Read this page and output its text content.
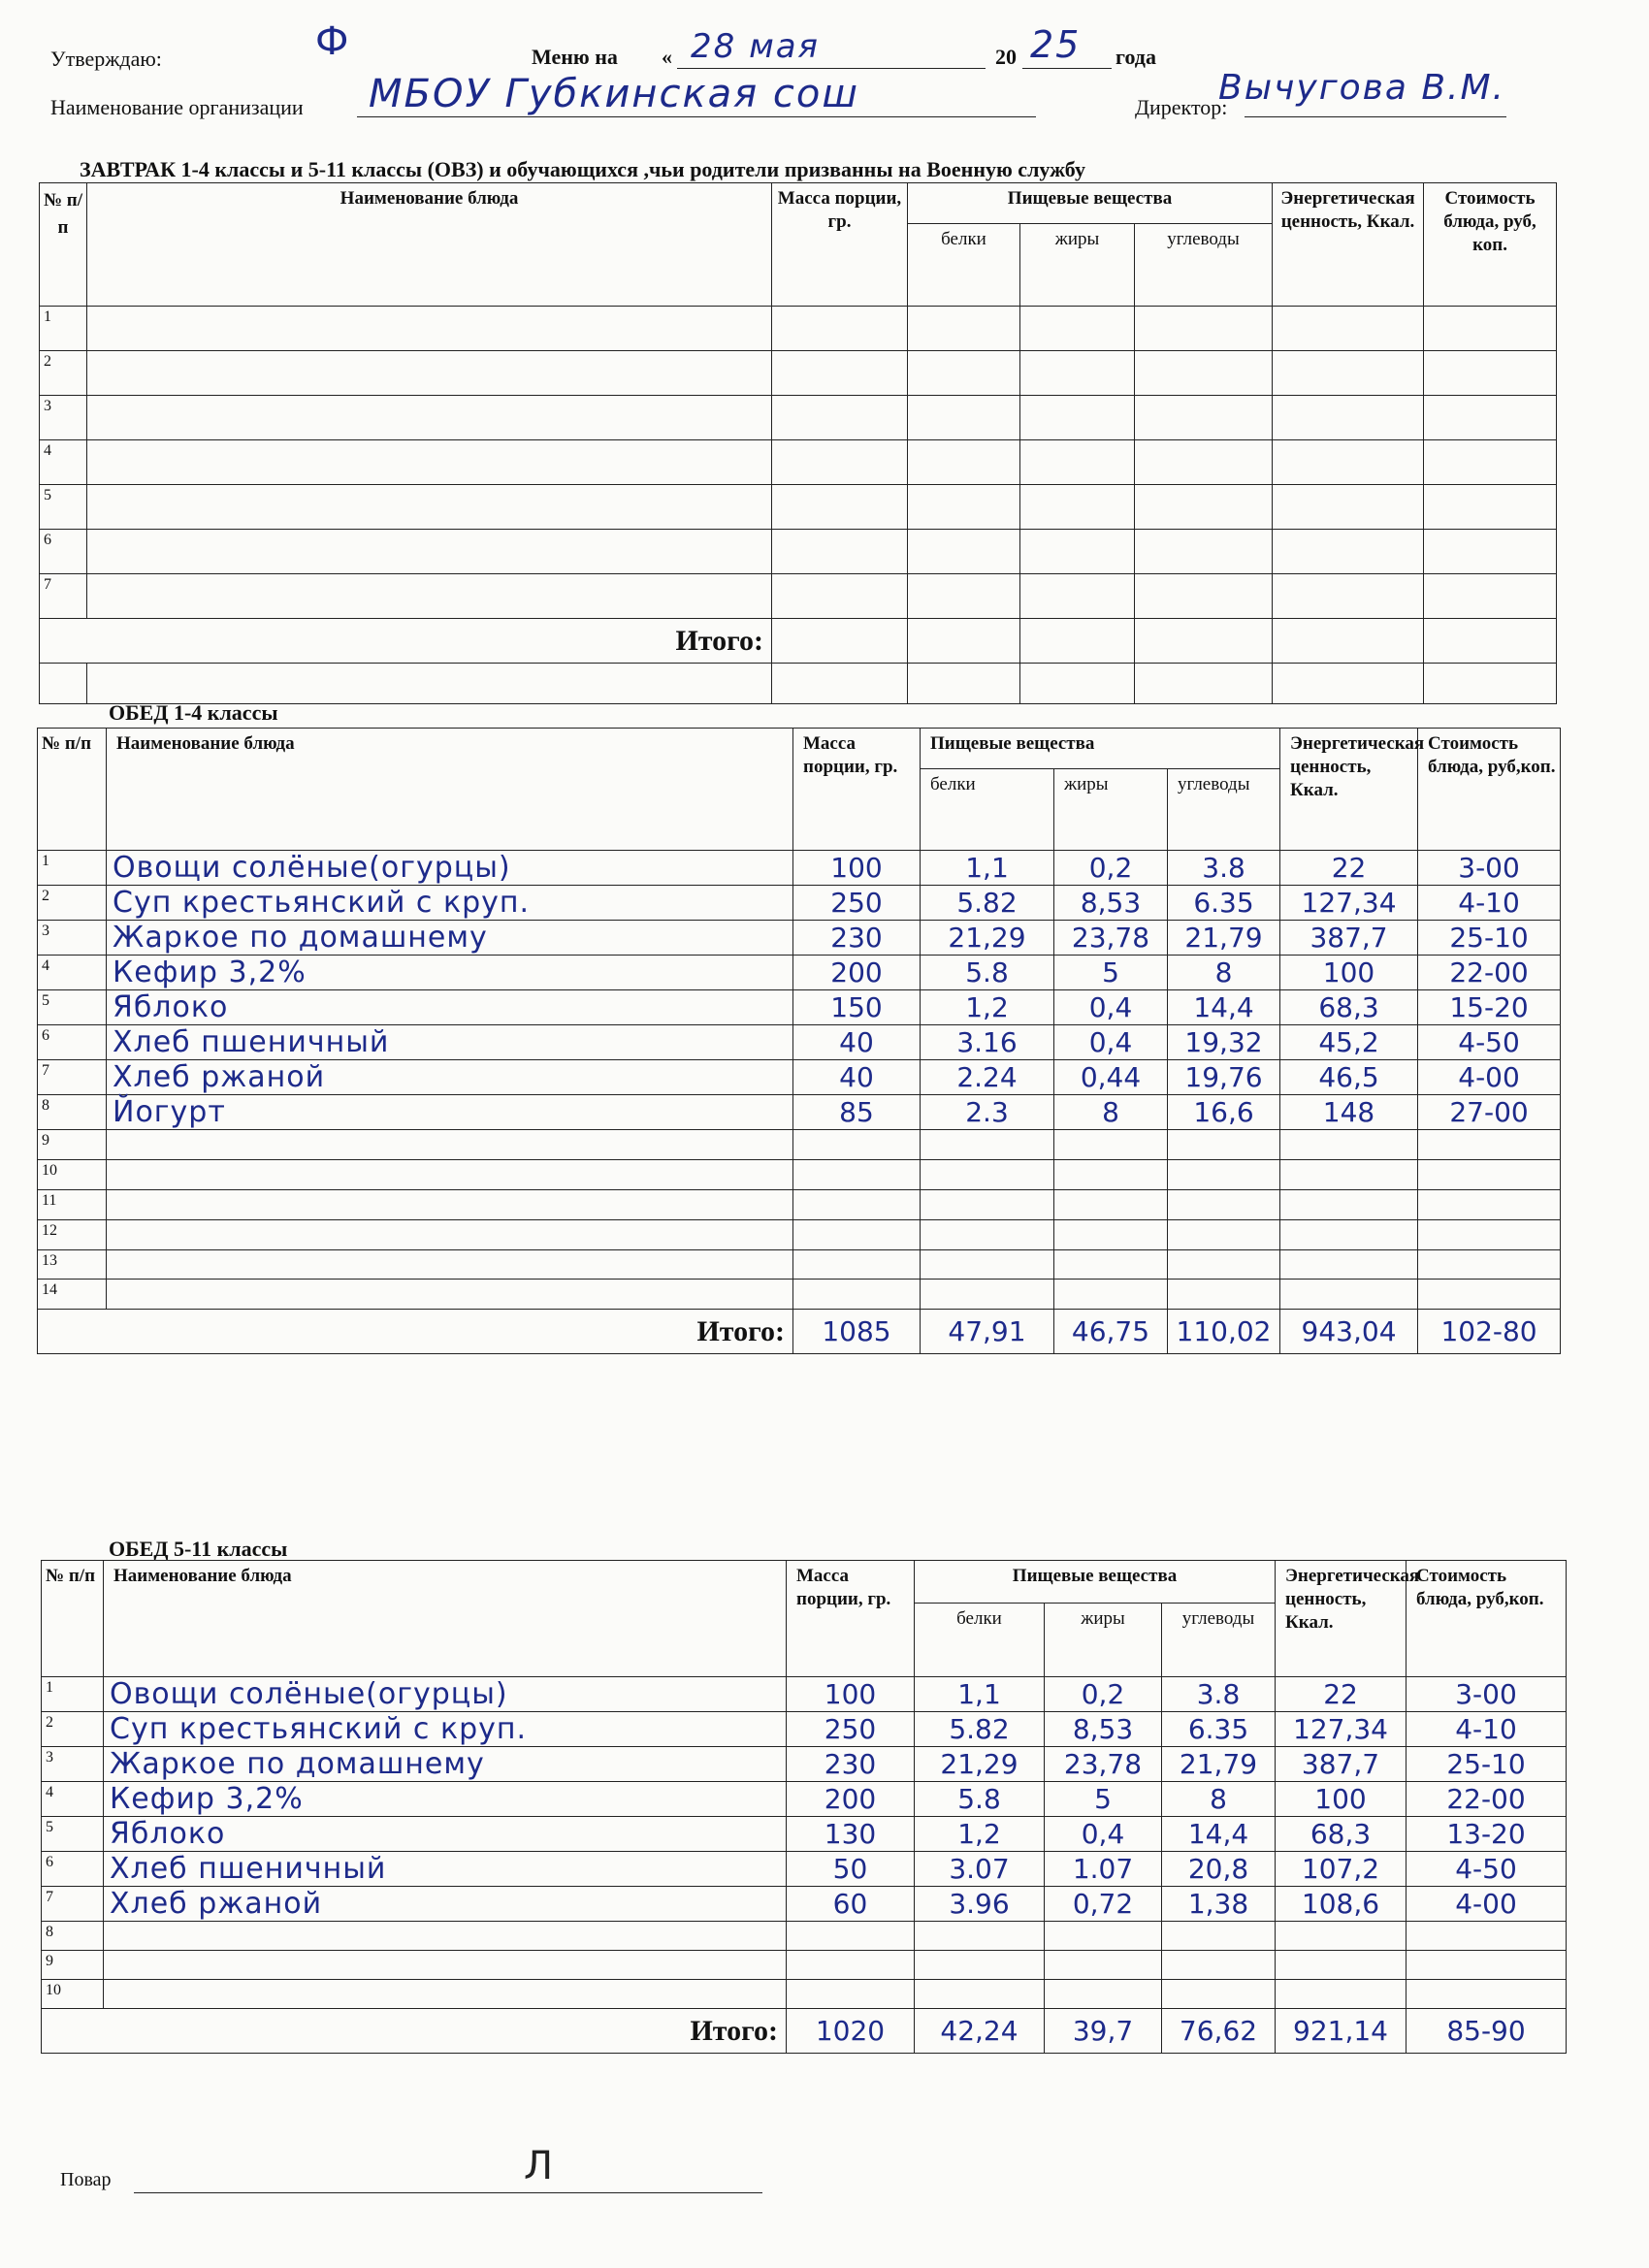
Утверждаю:	Ф	Меню на « 28 мая	20 25 года
Наименование организации МБОУ Губкинская сош	Директор:
Вычугова В.М.
ЗАВТРАК 1-4 классы и 5-11 классы (ОВЗ) и обучающихся ,чьи родители призванны на Военную службу
№ п/п	Наименование блюда	Масса порции, гр.	Пищевые вещества			Энергетическая ценность, Ккал.	Стоимость блюда, руб, коп.
			белки	жиры	углеводы		
1							
2							
3							
4							
5							
6							
7							
Итого:							

ОБЕД 1-4 классы
№ п/п	Наименование блюда	Масса порции, гр.	Пищевые вещества			Энергетическая ценность, Ккал.	Стоимость блюда, руб,коп.
			белки	жиры	углеводы		
1	Овощи солёные(огурцы)	100	1,1	0,2	3.8	22	3-00
2	Суп крестьянский с круп.	250	5.82	8,53	6.35	127,34	4-10
3	Жаркое по домашнему	230	21,29	23,78	21,79	387,7	25-10
4	Кефир 3,2%	200	5.8	5	8	100	22-00
5	Яблоко	150	1,2	0,4	14,4	68,3	15-20
6	Хлеб пшеничный	40	3.16	0,4	19,32	45,2	4-50
7	Хлеб ржаной	40	2.24	0,44	19,76	46,5	4-00
8	Йогурт	85	2.3	8	16,6	148	27-00
9							
10							
11							
12							
13							
14							
Итого:		1085	47,91	46,75	110,02	943,04	102-80
ОБЕД 5-11 классы
№ п/п	Наименование блюда	Масса порции, гр.	Пищевые вещества			Энергетическая ценность, Ккал.	Стоимость блюда, руб,коп.
			белки	жиры	углеводы		
1	Овощи солёные(огурцы)	100	1,1	0,2	3.8	22	3-00
2	Суп крестьянский с круп.	250	5.82	8,53	6.35	127,34	4-10
3	Жаркое по домашнему	230	21,29	23,78	21,79	387,7	25-10
4	Кефир 3,2%	200	5.8	5	8	100	22-00
5	Яблоко	130	1,2	0,4	14,4	68,3	13-20
6	Хлеб пшеничный	50	3.07	1.07	20,8	107,2	4-50
7	Хлеб ржаной	60	3.96	0,72	1,38	108,6	4-00
8							
9							
10							
Итого:		1020	42,24	39,7	76,62	921,14	85-90
Повар	Л
